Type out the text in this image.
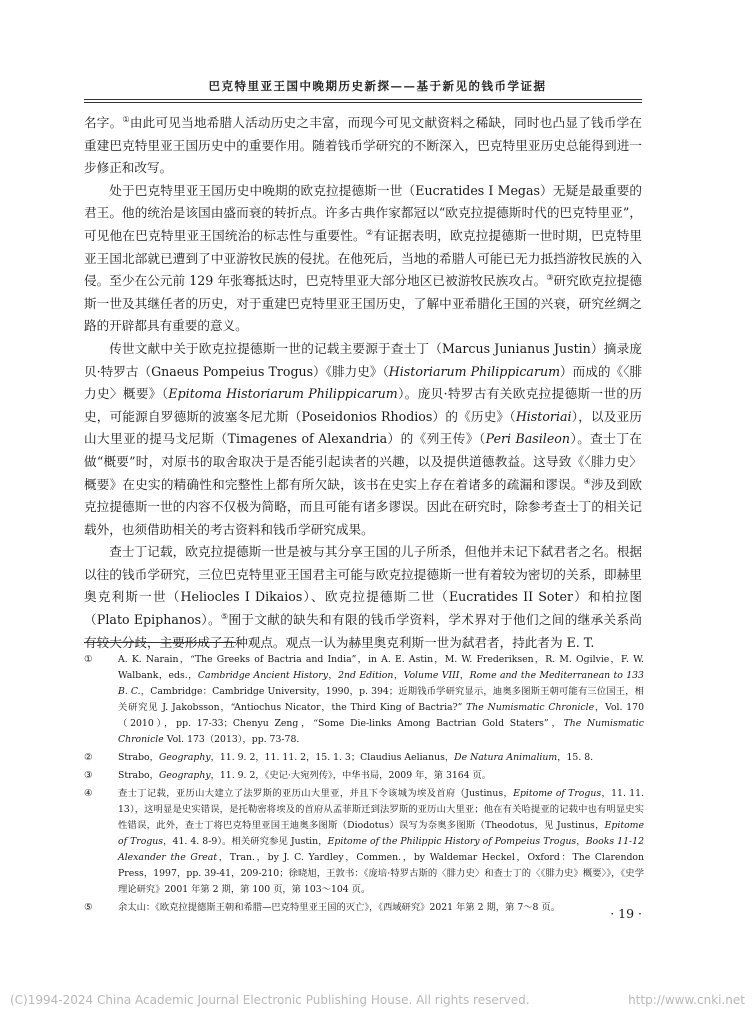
巴克特里亚王国中晚期历史新探——基于新见的钱币学证据

名字。①由此可见当地希腊人活动历史之丰富，而现今可见文献资料之稀缺，同时也凸显了钱币学在重建巴克特里亚王国历史中的重要作用。随着钱币学研究的不断深入，巴克特里亚历史总能得到进一步修正和改写。

处于巴克特里亚王国历史中晚期的欧克拉提德斯一世（Eucratides I Megas）无疑是最重要的君王。他的统治是该国由盛而衰的转折点。许多古典作家都冠以“欧克拉提德斯时代的巴克特里亚”，可见他在巴克特里亚王国统治的标志性与重要性。②有证据表明，欧克拉提德斯一世时期，巴克特里亚王国北部就已遭到了中亚游牧民族的侵扰。在他死后，当地的希腊人可能已无力抵挡游牧民族的入侵。至少在公元前 129 年张骞抵达时，巴克特里亚大部分地区已被游牧民族攻占。③研究欧克拉提德斯一世及其继任者的历史，对于重建巴克特里亚王国历史，了解中亚希腊化王国的兴衰，研究丝绸之路的开辟都具有重要的意义。

传世文献中关于欧克拉提德斯一世的记载主要源于查士丁（Marcus Junianus Justin）摘录庞贝·特罗古（Gnaeus Pompeius Trogus）《腓力史》（Historiarum Philippicarum）而成的《〈腓力史〉概要》（Epitoma Historiarum Philippicarum）。庞贝·特罗古有关欧克拉提德斯一世的历史，可能源自罗德斯的波塞冬尼尤斯（Poseidonios Rhodios）的《历史》（Historiai），以及亚历山大里亚的提马戈尼斯（Timagenes of Alexandria）的《列王传》（Peri Basileon）。查士丁在做“概要”时，对原书的取舍取决于是否能引起读者的兴趣，以及提供道德教益。这导致《〈腓力史〉概要》在史实的精确性和完整性上都有所欠缺，该书在史实上存在着诸多的疏漏和谬误。④涉及到欧克拉提德斯一世的内容不仅极为简略，而且可能有诸多谬误。因此在研究时，除参考查士丁的相关记载外，也须借助相关的考古资料和钱币学研究成果。

查士丁记载，欧克拉提德斯一世是被与其分享王国的儿子所杀，但他并未记下弑君者之名。根据以往的钱币学研究，三位巴克特里亚王国君主可能与欧克拉提德斯一世有着较为密切的关系，即赫里奥克利斯一世（Heliocles I Dikaios）、欧克拉提德斯二世（Eucratides II Soter）和柏拉图（Plato Epiphanos）。⑤囿于文献的缺失和有限的钱币学资料，学术界对于他们之间的继承关系尚有较大分歧，主要形成了五种观点。观点一认为赫里奥克利斯一世为弑君者，持此者为 E. T.

①	A. K. Narain，“The Greeks of Bactria and India”，in A. E. Astin，M. W. Frederiksen，R. M. Ogilvie，F. W. Walbank，eds.，Cambridge Ancient History，2nd Edition，Volume VIII，Rome and the Mediterranean to 133 B. C.，Cambridge：Cambridge University，1990，p. 394；近期钱币学研究显示，迪奥多图斯王朝可能有三位国王，相关研究见 J. Jakobsson，“Antiochus Nicator，the Third King of Bactria?” The Numismatic Chronicle，Vol. 170（2010），pp. 17-33；Chenyu Zeng，“Some Die-links Among Bactrian Gold Staters”，The Numismatic Chronicle Vol. 173（2013），pp. 73-78.
②	Strabo，Geography，11. 9. 2，11. 11. 2，15. 1. 3；Claudius Aelianus，De Natura Animalium，15. 8.
③	Strabo，Geography，11. 9. 2，《史记·大宛列传》，中华书局，2009 年，第 3164 页。
④	查士丁记载，亚历山大建立了法罗斯的亚历山大里亚，并且下令该城为埃及首府（Justinus，Epitome of Trogus，11. 11. 13），这明显是史实错误，是托勒密将埃及的首府从孟菲斯迁到法罗斯的亚历山大里亚；他在有关哈提亚的记载中也有明显史实性错误，此外，查士丁将巴克特里亚国王迪奥多图斯（Diodotus）误写为奈奥多图斯（Theodotus，见 Justinus，Epitome of Trogus，41. 4. 8-9）。相关研究参见 Justin，Epitome of the Philippic History of Pompeius Trogus，Books 11-12 Alexander the Great，Tran.，by J. C. Yardley，Commen.，by Waldemar Heckel，Oxford：The Clarendon Press，1997，pp. 39-41，209-210；徐晓旭，王敦书：《庞培·特罗古斯的〈腓力史〉和查士丁的〈《腓力史》概要〉》，《史学理论研究》2001 年第 2 期，第 100 页，第 103～104 页。
⑤	余太山：《欧克拉提德斯王朝和希腊—巴克特里亚王国的灭亡》，《西域研究》2021 年第 2 期，第 7～8 页。	· 19 ·
(C)1994-2024 China Academic Journal Electronic Publishing House. All rights reserved.	http://www.cnki.net
